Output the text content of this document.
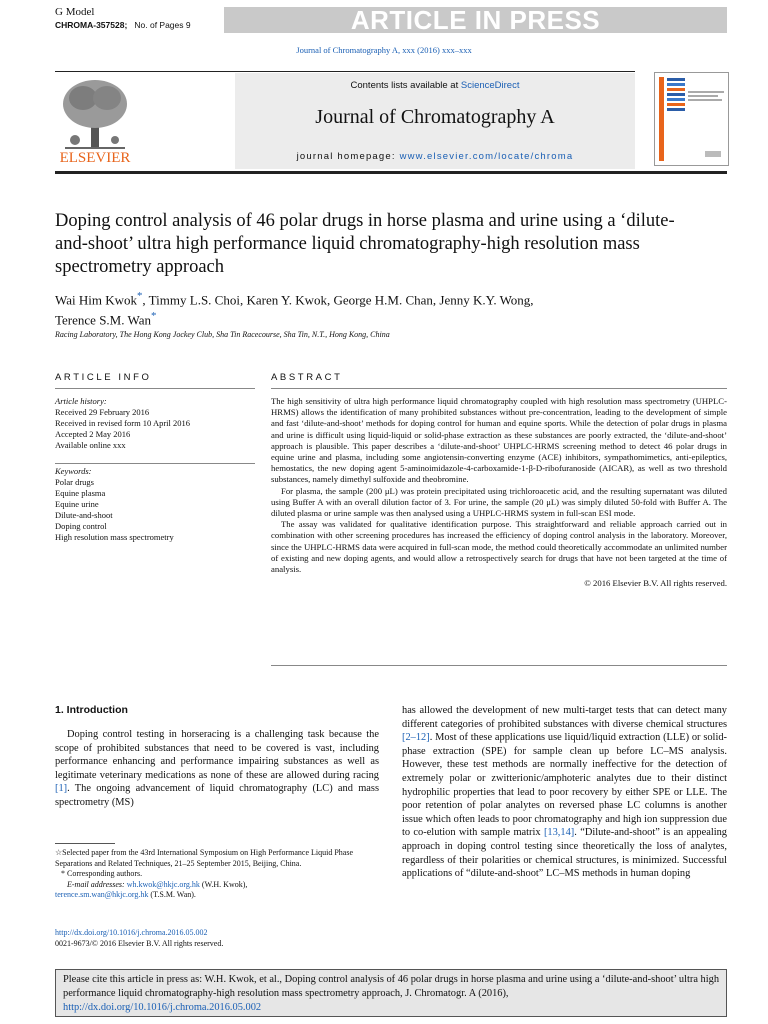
G Model
CHROMA-357528; No. of Pages 9	ARTICLE IN PRESS
Journal of Chromatography A, xxx (2016) xxx–xxx
Contents lists available at ScienceDirect
Journal of Chromatography A
journal homepage: www.elsevier.com/locate/chroma
ELSEVIER
Doping control analysis of 46 polar drugs in horse plasma and urine using a ‘dilute-and-shoot’ ultra high performance liquid chromatography-high resolution mass spectrometry approach
Wai Him Kwok*, Timmy L.S. Choi, Karen Y. Kwok, George H.M. Chan, Jenny K.Y. Wong,
Terence S.M. Wan*
Racing Laboratory, The Hong Kong Jockey Club, Sha Tin Racecourse, Sha Tin, N.T., Hong Kong, China
ARTICLE INFO	ABSTRACT
Article history:
Received 29 February 2016
Received in revised form 10 April 2016
Accepted 2 May 2016
Available online xxx
Keywords:
Polar drugs
Equine plasma
Equine urine
Dilute-and-shoot
Doping control
High resolution mass spectrometry

The high sensitivity of ultra high performance liquid chromatography coupled with high resolution mass spectrometry (UHPLC-HRMS) allows the identification of many prohibited substances without pre-concentration, leading to the development of simple and fast ‘dilute-and-shoot’ methods for doping control for human and equine sports. While the detection of polar drugs in plasma and urine is difficult using liquid-liquid or solid-phase extraction as these substances are poorly extracted, the ‘dilute-and-shoot’ approach is plausible. This paper describes a ‘dilute-and-shoot’ UHPLC-HRMS screening method to detect 46 polar drugs in equine urine and plasma, including some angiotensin-converting enzyme (ACE) inhibitors, sympathomimetics, anti-epileptics, hemostatics, the new doping agent 5-aminoimidazole-4-carboxamide-1-β-D-ribofuranoside (AICAR), as well as two threshold substances, namely dimethyl sulfoxide and theobromine.

For plasma, the sample (200 μL) was protein precipitated using trichloroacetic acid, and the resulting supernatant was diluted using Buffer A with an overall dilution factor of 3. For urine, the sample (20 μL) was simply diluted 50-fold with Buffer A. The diluted plasma or urine sample was then analysed using a UHPLC-HRMS system in full-scan ESI mode.

The assay was validated for qualitative identification purpose. This straightforward and reliable approach carried out in combination with other screening procedures has increased the efficiency of doping control analysis in the laboratory. Moreover, since the UHPLC-HRMS data were acquired in full-scan mode, the method could theoretically accommodate an unlimited number of existing and new doping agents, and would allow a retrospectively search for drugs that have not been targeted at the time of analysis.

© 2016 Elsevier B.V. All rights reserved.

1. Introduction
Doping control testing in horseracing is a challenging task because the scope of prohibited substances that need to be covered is vast, including performance enhancing and performance impairing substances as well as legitimate veterinary medications as none of these are allowed during racing [1]. The ongoing advancement of liquid chromatography (LC) and mass spectrometry (MS)
has allowed the development of new multi-target tests that can detect many different categories of prohibited substances with diverse chemical structures [2–12]. Most of these applications use liquid/liquid extraction (LLE) or solid-phase extraction (SPE) for sample clean up before LC–MS analysis. However, these test methods are normally ineffective for the detection of extremely polar or zwitterionic/amphoteric analytes due to their distinct hydrophilic properties that lead to poor recovery by either SPE or LLE. The poor retention of polar analytes on reversed phase LC columns is another issue which often leads to poor chromatography and high ion suppression due to co-elution with sample matrix [13,14]. “Dilute-and-shoot” is an appealing approach in doping control testing since theoretically the loss of analytes, regardless of their polarities or chemical structures, is minimized. Successful applications of “dilute-and-shoot” LC–MS methods in human doping
☆Selected paper from the 43rd International Symposium on High Performance Liquid Phase Separations and Related Techniques, 21–25 September 2015, Beijing, China.
* Corresponding authors.
E-mail addresses: wh.kwok@hkjc.org.hk (W.H. Kwok),
terence.sm.wan@hkjc.org.hk (T.S.M. Wan).
http://dx.doi.org/10.1016/j.chroma.2016.05.002
0021-9673/© 2016 Elsevier B.V. All rights reserved.
Please cite this article in press as: W.H. Kwok, et al., Doping control analysis of 46 polar drugs in horse plasma and urine using a ‘dilute-and-shoot’ ultra high performance liquid chromatography-high resolution mass spectrometry approach, J. Chromatogr. A (2016),
http://dx.doi.org/10.1016/j.chroma.2016.05.002
